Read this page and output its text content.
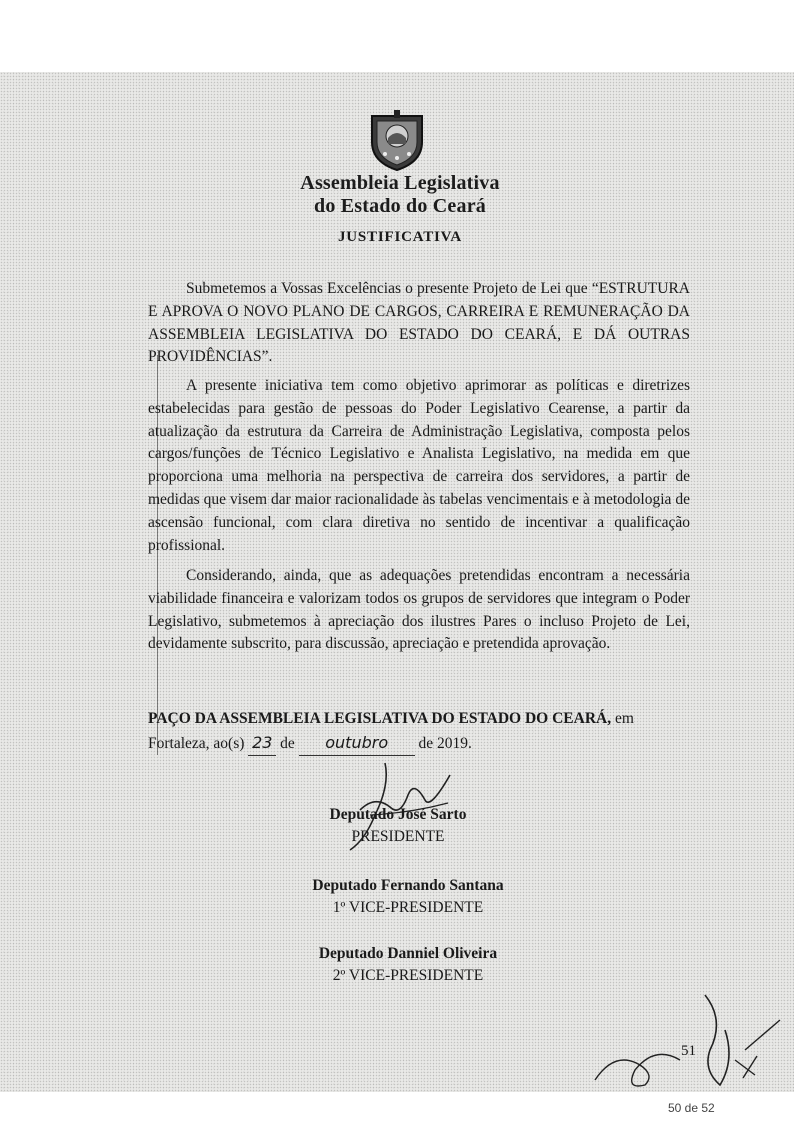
Assembleia Legislativa
do Estado do Ceará
JUSTIFICATIVA
Submetemos a Vossas Excelências o presente Projeto de Lei que “ESTRUTURA E APROVA O NOVO PLANO DE CARGOS, CARREIRA E REMUNERAÇÃO DA ASSEMBLEIA LEGISLATIVA DO ESTADO DO CEARÁ, E DÁ OUTRAS PROVIDÊNCIAS”.
A presente iniciativa tem como objetivo aprimorar as políticas e diretrizes estabelecidas para gestão de pessoas do Poder Legislativo Cearense, a partir da atualização da estrutura da Carreira de Administração Legislativa, composta pelos cargos/funções de Técnico Legislativo e Analista Legislativo, na medida em que proporciona uma melhoria na perspectiva de carreira dos servidores, a partir de medidas que visem dar maior racionalidade às tabelas vencimentais e à metodologia de ascensão funcional, com clara diretiva no sentido de incentivar a qualificação profissional.
Considerando, ainda, que as adequações pretendidas encontram a necessária viabilidade financeira e valorizam todos os grupos de servidores que integram o Poder Legislativo, submetemos à apreciação dos ilustres Pares o incluso Projeto de Lei, devidamente subscrito, para discussão, apreciação e pretendida aprovação.
PAÇO DA ASSEMBLEIA LEGISLATIVA DO ESTADO DO CEARÁ, em
Fortaleza, ao(s) 23 de outubro de 2019.
Deputado José Sarto
PRESIDENTE
Deputado Fernando Santana
1º VICE-PRESIDENTE
Deputado Danniel Oliveira
2º VICE-PRESIDENTE
51
50 de 52
